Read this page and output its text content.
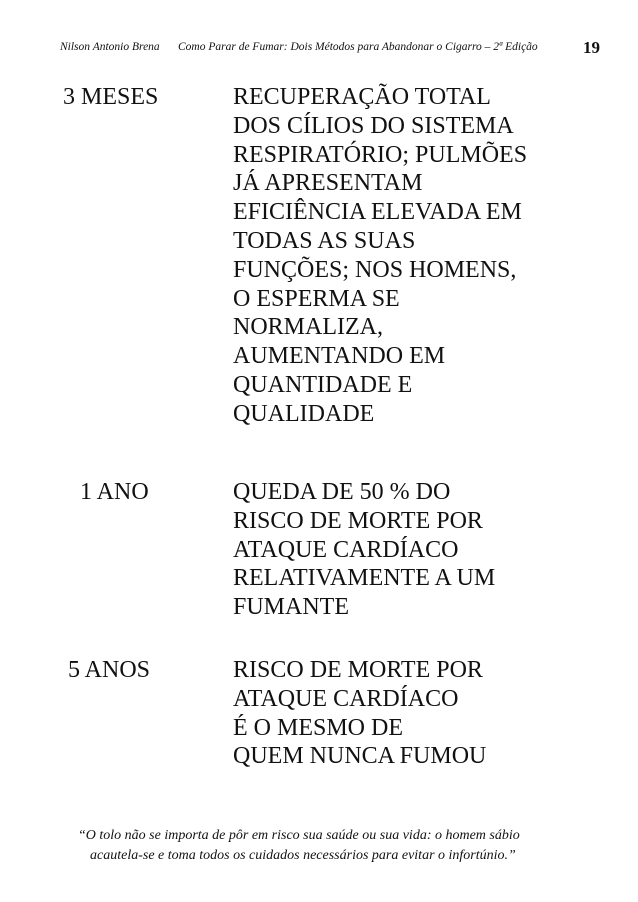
Nilson Antonio Brena Como Parar de Fumar: Dois Métodos para Abandonar o Cigarro – 2ª Edição	19
3 MESES	RECUPERAÇÃO TOTAL
DOS CÍLIOS DO SISTEMA
RESPIRATÓRIO; PULMÕES
JÁ APRESENTAM
EFICIÊNCIA ELEVADA EM
TODAS AS SUAS
FUNÇÕES; NOS HOMENS,
O ESPERMA SE
NORMALIZA,
AUMENTANDO EM
QUANTIDADE E
QUALIDADE
1 ANO	QUEDA DE 50 % DO
RISCO DE MORTE POR
ATAQUE CARDÍACO
RELATIVAMENTE A UM
FUMANTE
5 ANOS	RISCO DE MORTE POR
ATAQUE CARDÍACO
É O MESMO DE
QUEM NUNCA FUMOU
“O tolo não se importa de pôr em risco sua saúde ou sua vida: o homem sábio
acautela-se e toma todos os cuidados necessários para evitar o infortúnio.”
